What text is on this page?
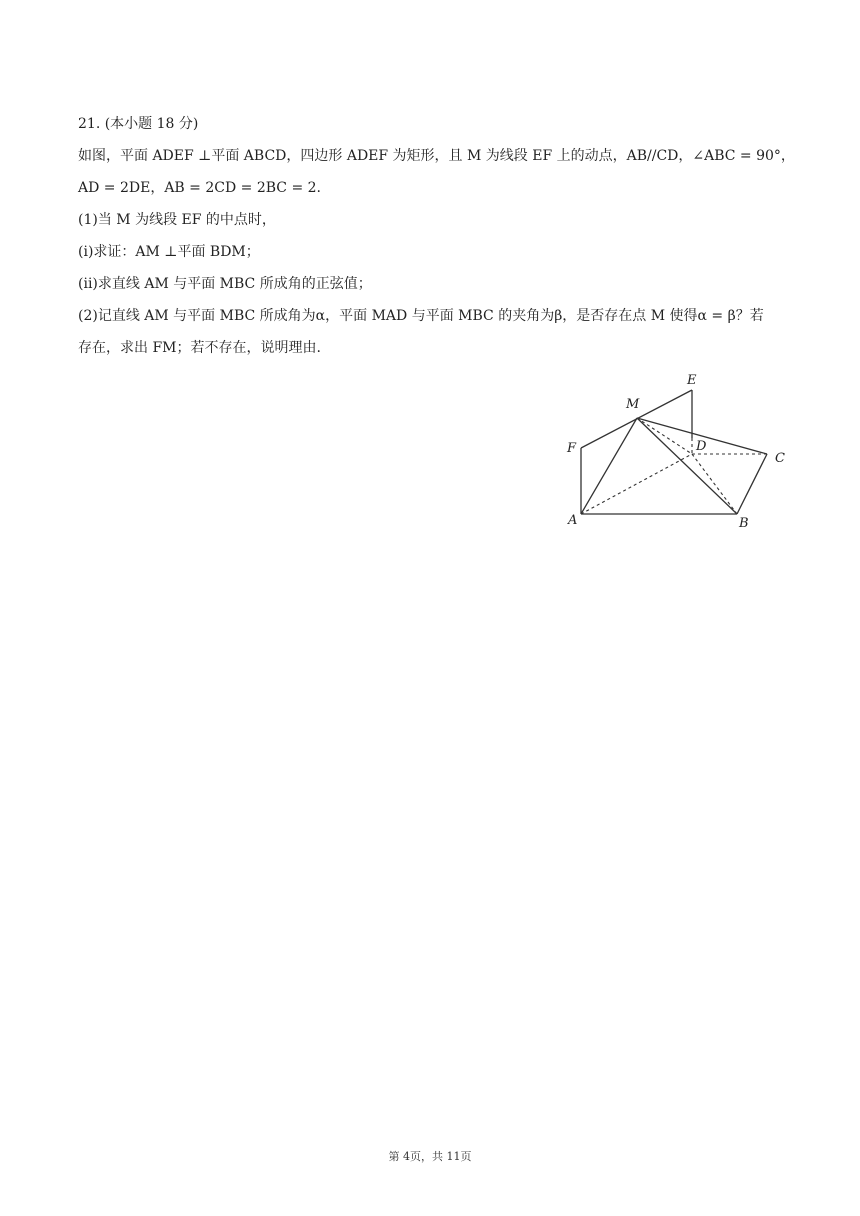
21. (本小题 18 分)
如图，平面 ADEF ⊥平面 ABCD，四边形 ADEF 为矩形，且 M 为线段 EF 上的动点，AB//CD，∠ABC = 90°，
AD = 2DE，AB = 2CD = 2BC = 2.
(1)当 M 为线段 EF 的中点时，
(ⅰ)求证：AM ⊥平面 BDM；
(ⅱ)求直线 AM 与平面 MBC 所成角的正弦值；
(2)记直线 AM 与平面 MBC 所成角为α，平面 MAD 与平面 MBC 的夹角为β，是否存在点 M 使得α = β？若
存在，求出 FM；若不存在，说明理由.
E
M
F	D
C
A	B
第 4页，共 11页
